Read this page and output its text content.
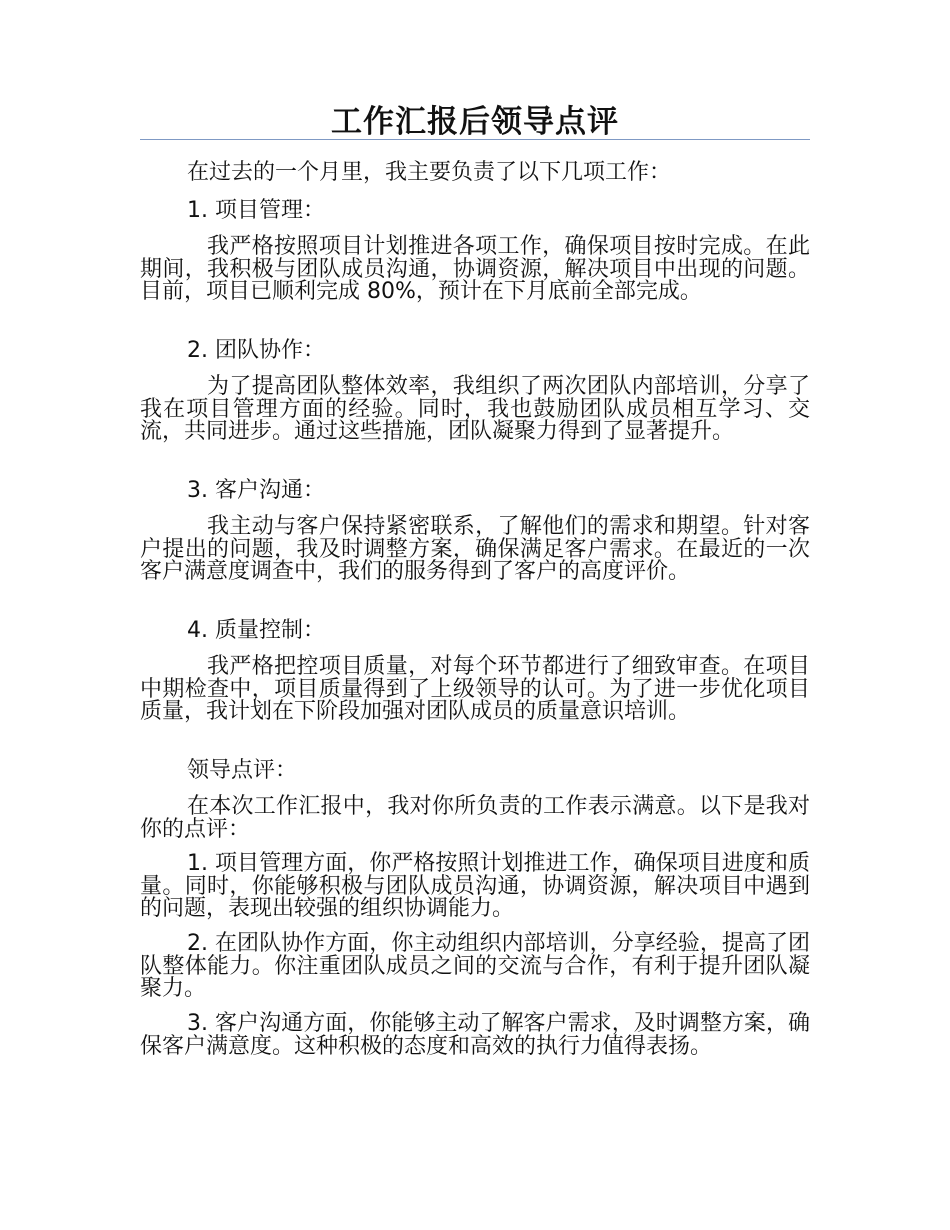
工作汇报后领导点评

在过去的一个月里，我主要负责了以下几项工作：

1. 项目管理：

我严格按照项目计划推进各项工作，确保项目按时完成。在此期间，我积极与团队成员沟通，协调资源，解决项目中出现的问题。目前，项目已顺利完成 80%，预计在下月底前全部完成。

2. 团队协作：

为了提高团队整体效率，我组织了两次团队内部培训，分享了我在项目管理方面的经验。同时，我也鼓励团队成员相互学习、交流，共同进步。通过这些措施，团队凝聚力得到了显著提升。

3. 客户沟通：

我主动与客户保持紧密联系，了解他们的需求和期望。针对客户提出的问题，我及时调整方案，确保满足客户需求。在最近的一次客户满意度调查中，我们的服务得到了客户的高度评价。

4. 质量控制：

我严格把控项目质量，对每个环节都进行了细致审查。在项目中期检查中，项目质量得到了上级领导的认可。为了进一步优化项目质量，我计划在下阶段加强对团队成员的质量意识培训。

领导点评：

在本次工作汇报中，我对你所负责的工作表示满意。以下是我对你的点评：

1. 项目管理方面，你严格按照计划推进工作，确保项目进度和质量。同时，你能够积极与团队成员沟通，协调资源，解决项目中遇到的问题，表现出较强的组织协调能力。

2. 在团队协作方面，你主动组织内部培训，分享经验，提高了团队整体能力。你注重团队成员之间的交流与合作，有利于提升团队凝聚力。

3. 客户沟通方面，你能够主动了解客户需求，及时调整方案，确保客户满意度。这种积极的态度和高效的执行力值得表扬。
